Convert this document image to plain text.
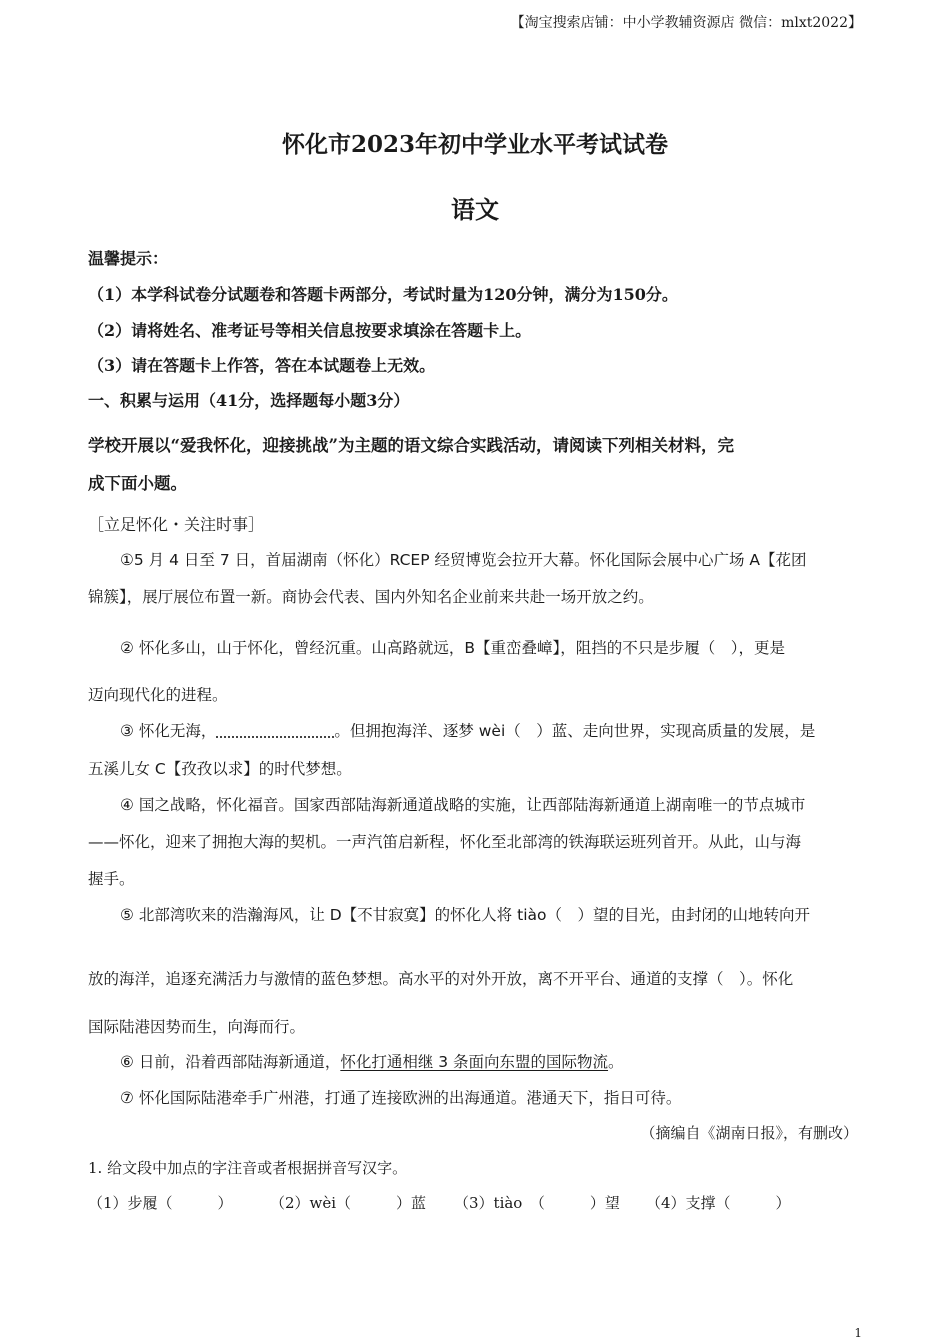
【淘宝搜索店铺：中小学教辅资源店 微信：mlxt2022】
怀化市2023年初中学业水平考试试卷
语文
温馨提示：
（1）本学科试卷分试题卷和答题卡两部分，考试时量为120分钟，满分为150分。
（2）请将姓名、准考证号等相关信息按要求填涂在答题卡上。
（3）请在答题卡上作答，答在本试题卷上无效。
一、积累与运用（41分，选择题每小题3分）
学校开展以“爱我怀化，迎接挑战”为主题的语文综合实践活动，请阅读下列相关材料，完
成下面小题。
［立足怀化・关注时事］
①5 月 4 日至 7 日，首届湖南（怀化）RCEP 经贸博览会拉开大幕。怀化国际会展中心广场 A【花团
锦簇】，展厅展位布置一新。商协会代表、国内外知名企业前来共赴一场开放之约。
② 怀化多山，山于怀化，曾经沉重。山高路就远，B【重峦叠嶂】，阻挡的不只是步履（　），更是
迈向现代化的进程。
③ 怀化无海，	。但拥抱海洋、逐梦 wèi（　）蓝、走向世界，实现高质量的发展，是
五溪儿女 C【孜孜以求】的时代梦想。
④ 国之战略，怀化福音。国家西部陆海新通道战略的实施，让西部陆海新通道上湖南唯一的节点城市
——怀化，迎来了拥抱大海的契机。一声汽笛启新程，怀化至北部湾的铁海联运班列首开。从此，山与海
握手。
⑤ 北部湾吹来的浩瀚海风，让 D【不甘寂寞】的怀化人将 tiào（　）望的目光，由封闭的山地转向开
放的海洋，追逐充满活力与激情的蓝色梦想。高水平的对外开放，离不开平台、通道的支撑（　）。怀化
国际陆港因势而生，向海而行。
⑥ 日前，沿着西部陆海新通道，怀化打通相继 3 条面向东盟的国际物流。
⑦ 怀化国际陆港牵手广州港，打通了连接欧洲的出海通道。港通天下，指日可待。
（摘编自《湖南日报》，有删改）
1. 给文段中加点的字注音或者根据拼音写汉字。
（1）步履（　　　） （2）wèi（　　　）蓝 （3）tiào　（　　　）望 （4）支撑（　　　）
1
